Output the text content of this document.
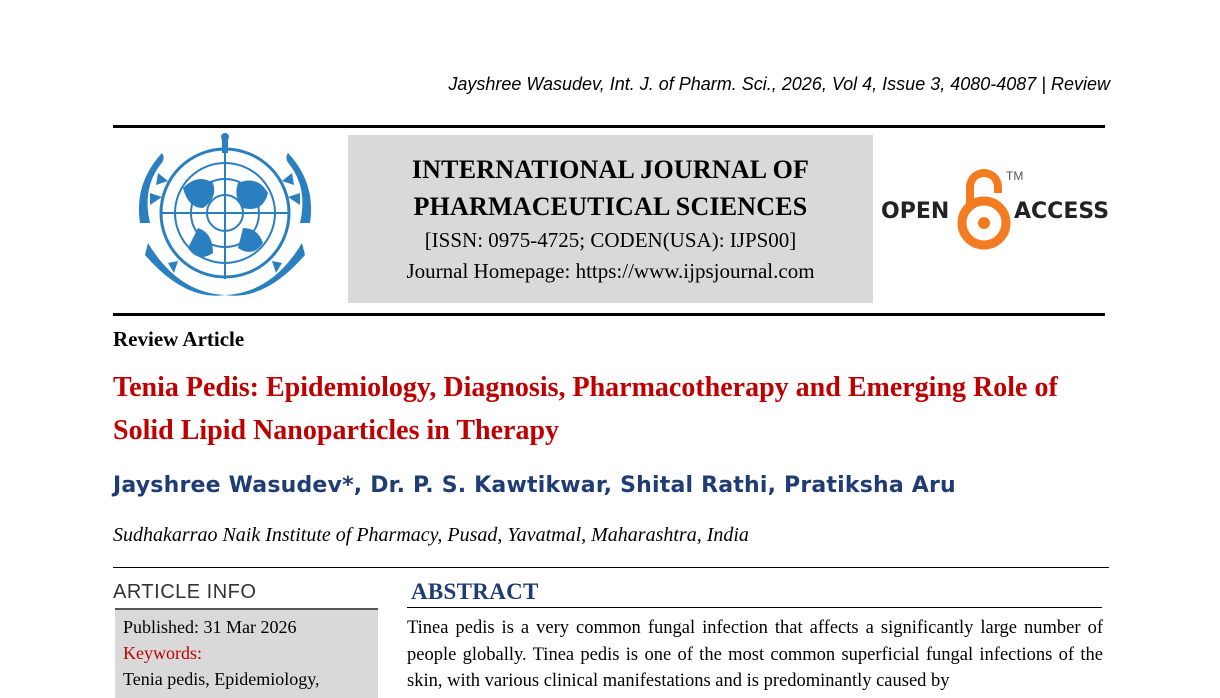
Jayshree Wasudev, Int. J. of Pharm. Sci., 2026, Vol 4, Issue 3, 4080-4087 | Review
INTERNATIONAL JOURNAL OF
PHARMACEUTICAL SCIENCES
[ISSN: 0975-4725; CODEN(USA): IJPS00]
Journal Homepage: https://www.ijpsjournal.com
OPEN	ACCESS
TM
Review Article
Tenia Pedis: Epidemiology, Diagnosis, Pharmacotherapy and Emerging Role of Solid Lipid Nanoparticles in Therapy
Jayshree Wasudev*, Dr. P. S. Kawtikwar, Shital Rathi, Pratiksha Aru
Sudhakarrao Naik Institute of Pharmacy, Pusad, Yavatmal, Maharashtra, India
ARTICLE INFO
Published: 31 Mar 2026
Keywords:
Tenia pedis, Epidemiology,
ABSTRACT
Tinea pedis is a very common fungal infection that affects a significantly large number of people globally. Tinea pedis is one of the most common superficial fungal infections of the skin, with various clinical manifestations and is predominantly caused by
